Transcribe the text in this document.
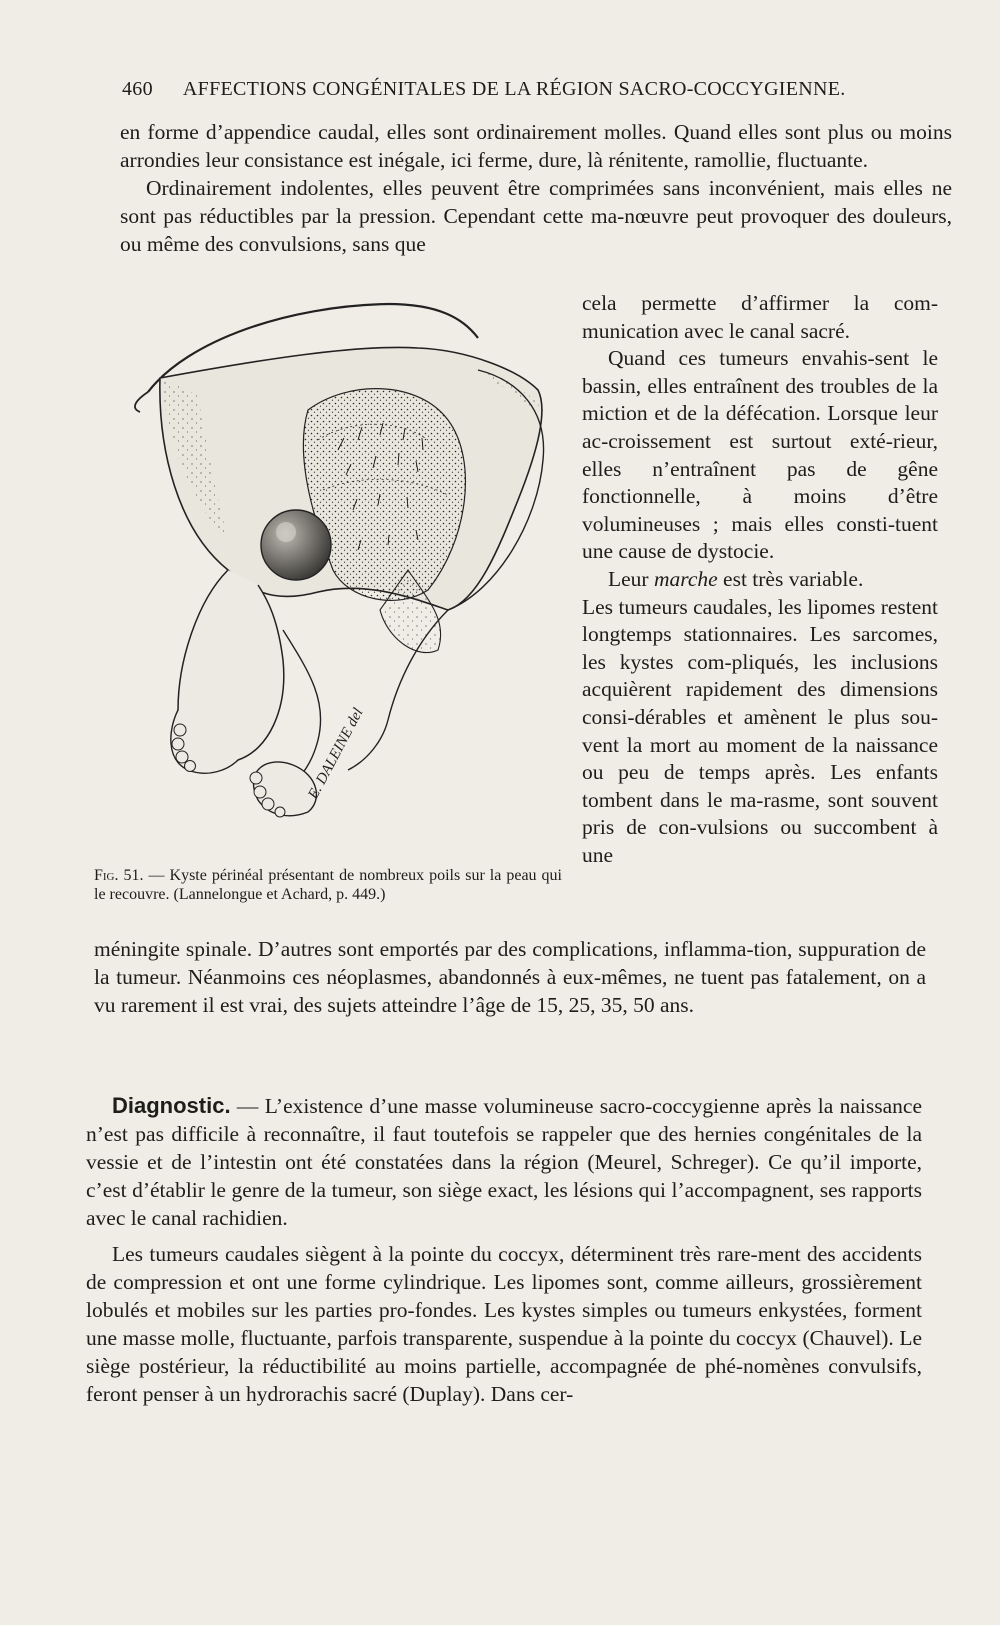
460 AFFECTIONS CONGÉNITALES DE LA RÉGION SACRO-COCCYGIENNE.

en forme d’appendice caudal, elles sont ordinairement molles. Quand elles sont plus ou moins arrondies leur consistance est inégale, ici ferme, dure, là rénitente, ramollie, fluctuante.

Ordinairement indolentes, elles peuvent être comprimées sans inconvénient, mais elles ne sont pas réductibles par la pression. Cependant cette ma-nœuvre peut provoquer des douleurs, ou même des convulsions, sans que

E. DALEINE del

cela permette d’affirmer la com-munication avec le canal sacré.

Quand ces tumeurs envahis-sent le bassin, elles entraînent des troubles de la miction et de la défécation. Lorsque leur ac-croissement est surtout exté-rieur, elles n’entraînent pas de gêne fonctionnelle, à moins d’être volumineuses ; mais elles consti-tuent une cause de dystocie.

Leur marche est très variable.

Les tumeurs caudales, les lipomes restent longtemps stationnaires. Les sarcomes, les kystes com-pliqués, les inclusions acquièrent rapidement des dimensions consi-dérables et amènent le plus sou-vent la mort au moment de la naissance ou peu de temps après. Les enfants tombent dans le ma-rasme, sont souvent pris de con-vulsions ou succombent à une

Fig. 51. — Kyste périnéal présentant de nombreux poils sur la peau qui le recouvre. (Lannelongue et Achard, p. 449.)

méningite spinale. D’autres sont emportés par des complications, inflamma-tion, suppuration de la tumeur. Néanmoins ces néoplasmes, abandonnés à eux-mêmes, ne tuent pas fatalement, on a vu rarement il est vrai, des sujets atteindre l’âge de 15, 25, 35, 50 ans.

Diagnostic. — L’existence d’une masse volumineuse sacro-coccygienne après la naissance n’est pas difficile à reconnaître, il faut toutefois se rappeler que des hernies congénitales de la vessie et de l’intestin ont été constatées dans la région (Meurel, Schreger). Ce qu’il importe, c’est d’établir le genre de la tumeur, son siège exact, les lésions qui l’accompagnent, ses rapports avec le canal rachidien.

Les tumeurs caudales siègent à la pointe du coccyx, déterminent très rare-ment des accidents de compression et ont une forme cylindrique. Les lipomes sont, comme ailleurs, grossièrement lobulés et mobiles sur les parties pro-fondes. Les kystes simples ou tumeurs enkystées, forment une masse molle, fluctuante, parfois transparente, suspendue à la pointe du coccyx (Chauvel). Le siège postérieur, la réductibilité au moins partielle, accompagnée de phé-nomènes convulsifs, feront penser à un hydrorachis sacré (Duplay). Dans cer-
